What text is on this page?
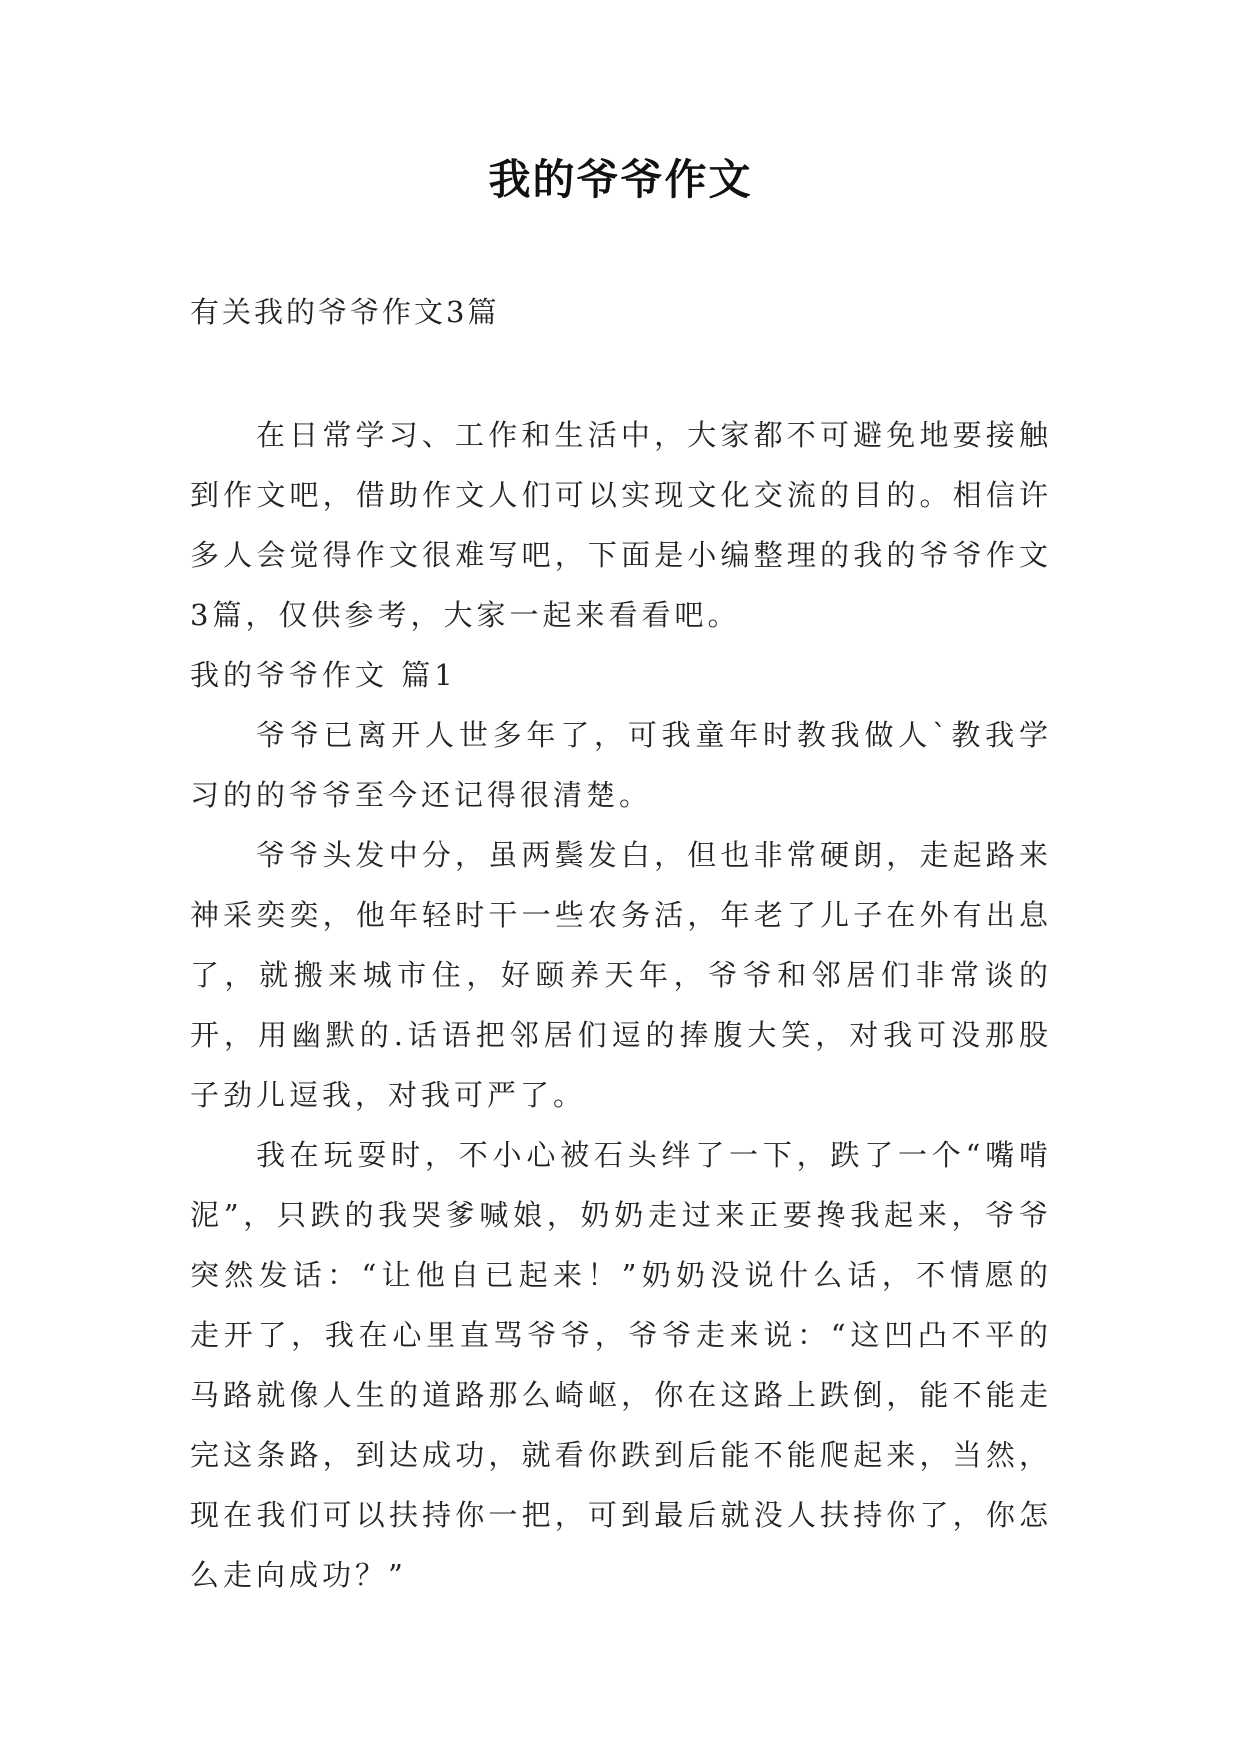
我的爷爷作文
有关我的爷爷作文3篇

在日常学习、工作和生活中，大家都不可避免地要接触到作文吧，借助作文人们可以实现文化交流的目的。相信许多人会觉得作文很难写吧，下面是小编整理的我的爷爷作文3篇，仅供参考，大家一起来看看吧。

我的爷爷作文 篇1

爷爷已离开人世多年了，可我童年时教我做人`教我学习的的爷爷至今还记得很清楚。

爷爷头发中分，虽两鬓发白，但也非常硬朗，走起路来神采奕奕，他年轻时干一些农务活，年老了儿子在外有出息了，就搬来城市住，好颐养天年，爷爷和邻居们非常谈的开，用幽默的.话语把邻居们逗的捧腹大笑，对我可没那股子劲儿逗我，对我可严了。

我在玩耍时，不小心被石头绊了一下，跌了一个“嘴啃泥”，只跌的我哭爹喊娘，奶奶走过来正要搀我起来，爷爷突然发话：“让他自已起来！”奶奶没说什么话，不情愿的走开了，我在心里直骂爷爷，爷爷走来说：“这凹凸不平的马路就像人生的道路那么崎岖，你在这路上跌倒，能不能走完这条路，到达成功，就看你跌到后能不能爬起来，当然，现在我们可以扶持你一把，可到最后就没人扶持你了，你怎么走向成功？”
